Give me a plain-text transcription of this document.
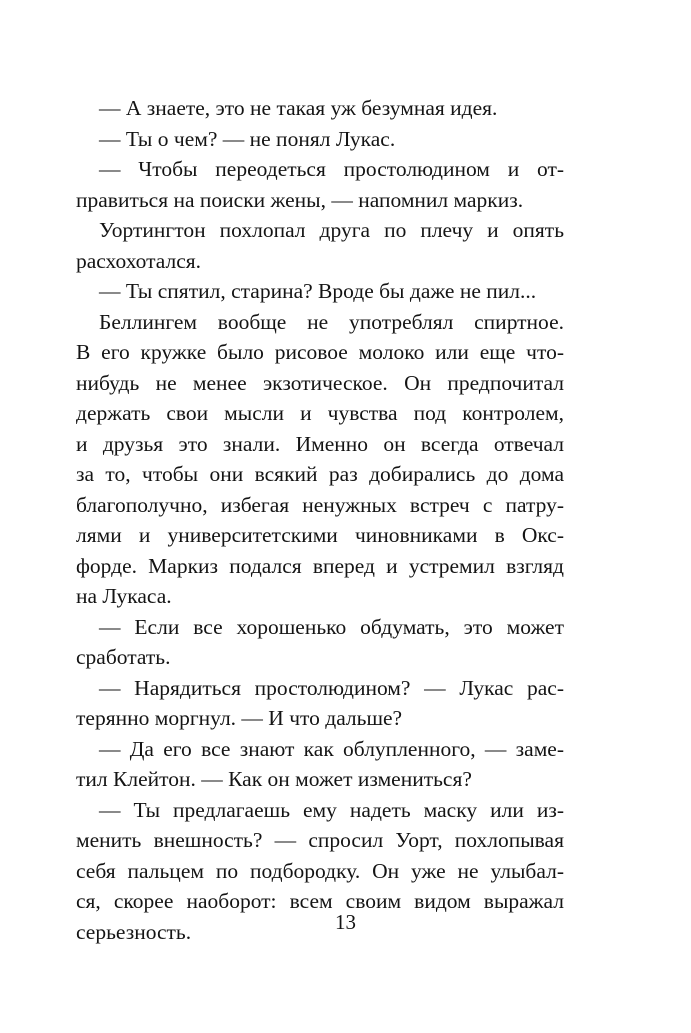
— А знаете, это не такая уж безумная идея.
— Ты о чем? — не понял Лукас.
— Чтобы переодеться простолюдином и от-
правиться на поиски жены, — напомнил маркиз.
Уортингтон похлопал друга по плечу и опять
расхохотался.
— Ты спятил, старина? Вроде бы даже не пил...
Беллингем вообще не употреблял спиртное.
В его кружке было рисовое молоко или еще что-
нибудь не менее экзотическое. Он предпочитал
держать свои мысли и чувства под контролем,
и друзья это знали. Именно он всегда отвечал
за то, чтобы они всякий раз добирались до дома
благополучно, избегая ненужных встреч с патру-
лями и университетскими чиновниками в Окс-
форде. Маркиз подался вперед и устремил взгляд
на Лукаса.
— Если все хорошенько обдумать, это может
сработать.
— Нарядиться простолюдином? — Лукас рас-
терянно моргнул. — И что дальше?
— Да его все знают как облупленного, — заме-
тил Клейтон. — Как он может измениться?
— Ты предлагаешь ему надеть маску или из-
менить внешность? — спросил Уорт, похлопывая
себя пальцем по подбородку. Он уже не улыбал-
ся, скорее наоборот: всем своим видом выражал
серьезность.	13
